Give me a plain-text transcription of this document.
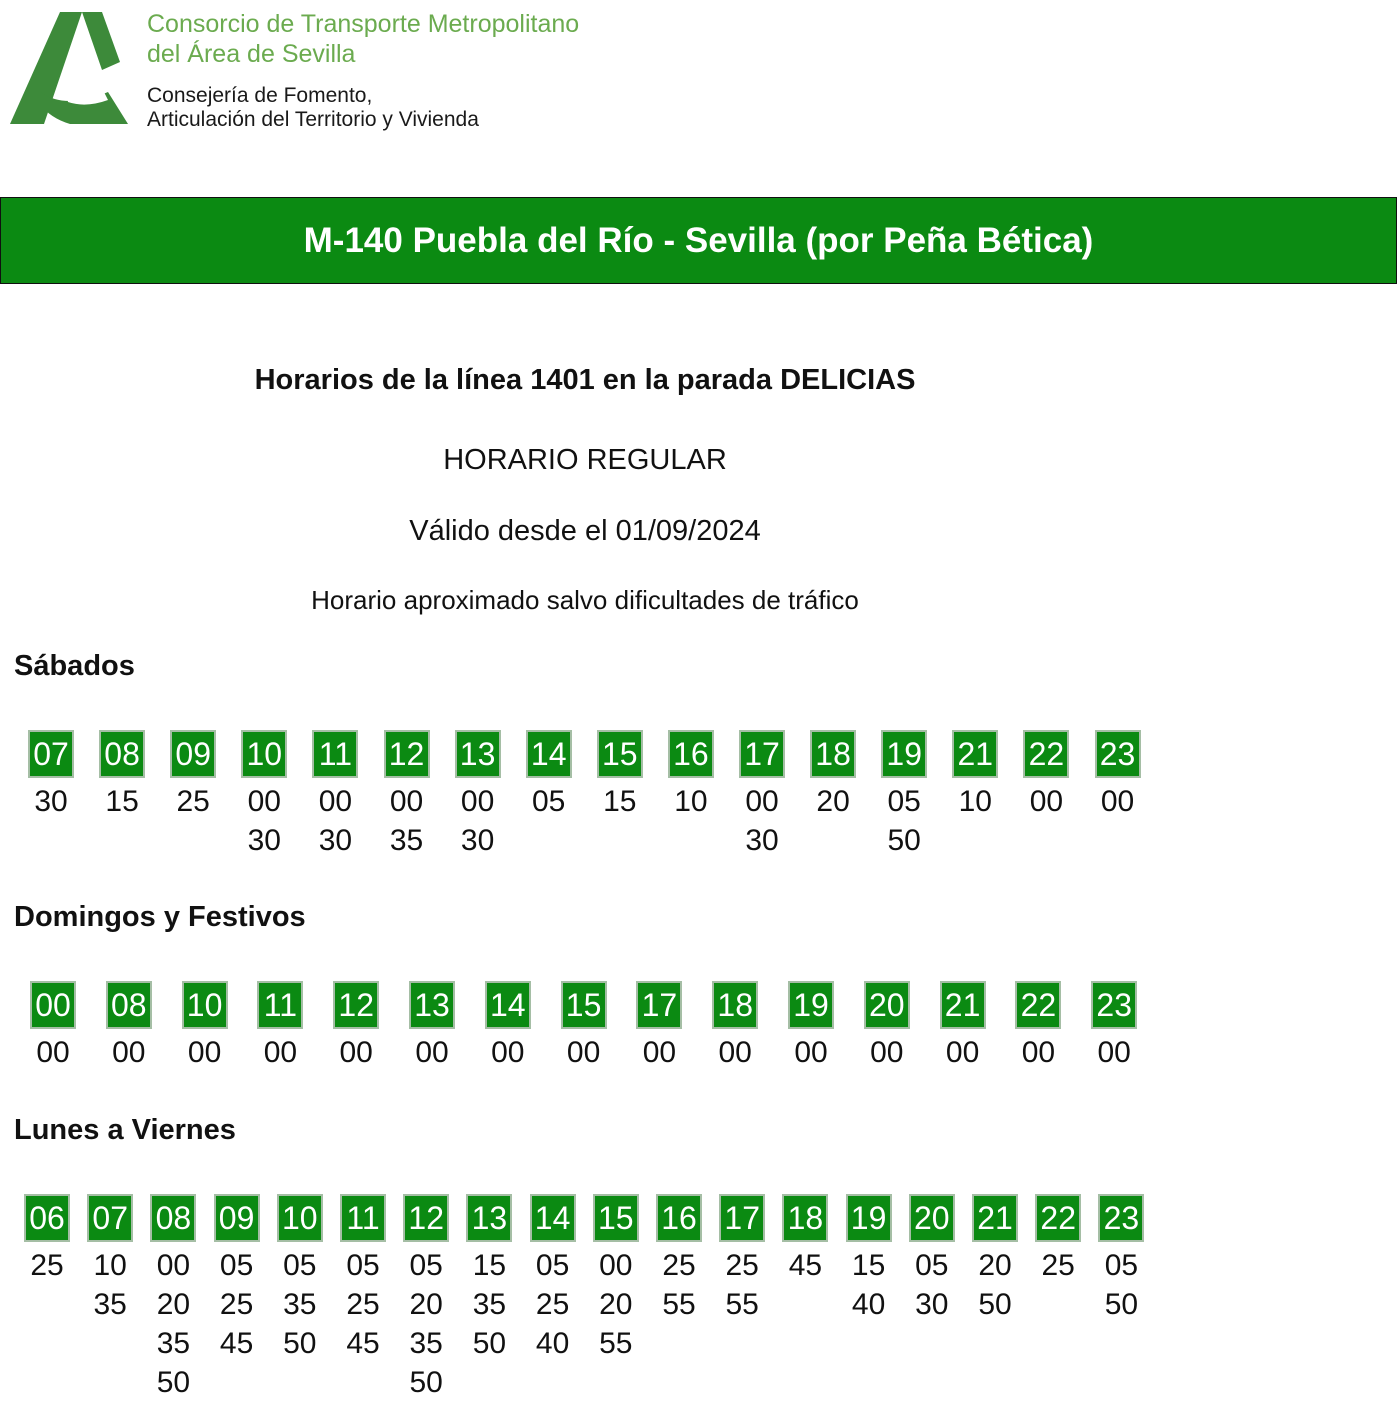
Consorcio de Transporte Metropolitano
del Área de Sevilla
Consejería de Fomento,
Articulación del Territorio y Vivienda
M-140 Puebla del Río - Sevilla (por Peña Bética)
Horarios de la línea 1401 en la parada DELICIAS
HORARIO REGULAR
Válido desde el 01/09/2024
Horario aproximado salvo dificultades de tráfico
Sábados
07
30
08
15
09
25
10
00
30
11
00
30
12
00
35
13
00
30
14
05
15
15
16
10
17
00
30
18
20
19
05
50
21
10
22
00
23
00
Domingos y Festivos
00
00
08
00
10
00
11
00
12
00
13
00
14
00
15
00
17
00
18
00
19
00
20
00
21
00
22
00
23
00
Lunes a Viernes
06
25
07
10
35
08
00
20
35
50
09
05
25
45
10
05
35
50
11
05
25
45
12
05
20
35
50
13
15
35
50
14
05
25
40
15
00
20
55
16
25
55
17
25
55
18
45
19
15
40
20
05
30
21
20
50
22
25
23
05
50
